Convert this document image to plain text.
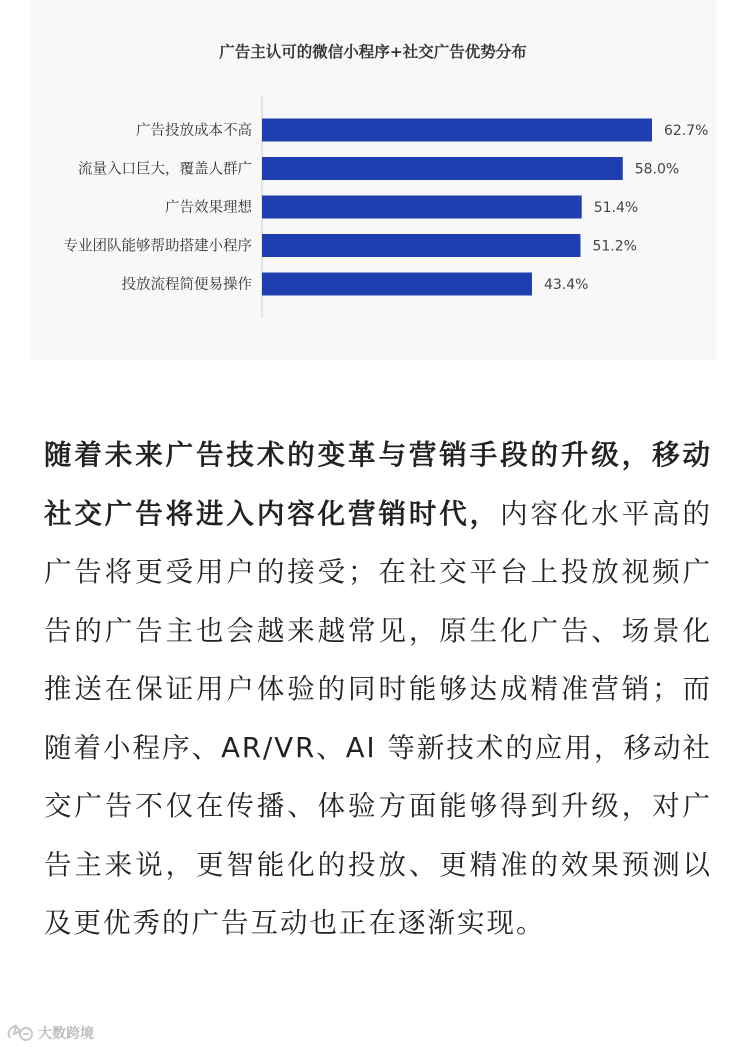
广告主认可的微信小程序+社交广告优势分布
广告投放成本不高	62.7%
流量入口巨大，覆盖人群广	58.0%
广告效果理想	51.4%
专业团队能够帮助搭建小程序	51.2%
投放流程简便易操作	43.4%

随着未来广告技术的变革与营销手段的升级，移动社交广告将进入内容化营销时代，内容化水平高的广告将更受用户的接受；在社交平台上投放视频广告的广告主也会越来越常见，原生化广告、场景化推送在保证用户体验的同时能够达成精准营销；而随着小程序、AR/VR、AI 等新技术的应用，移动社交广告不仅在传播、体验方面能够得到升级，对广告主来说，更智能化的投放、更精准的效果预测以及更优秀的广告互动也正在逐渐实现。

大数跨境
